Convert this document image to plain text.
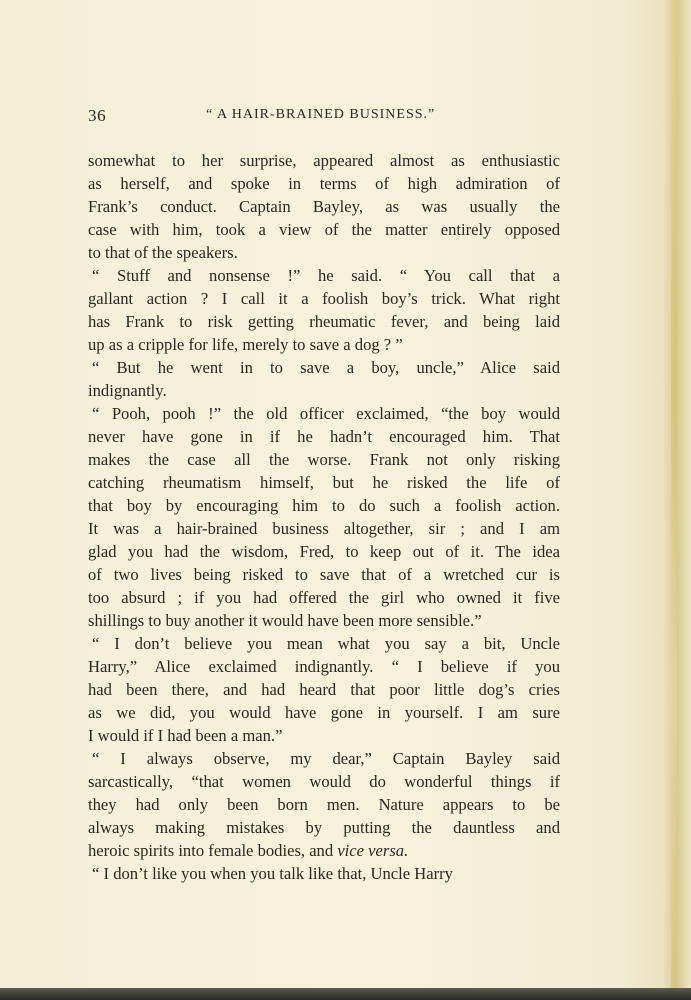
36	“ A HAIR-BRAINED BUSINESS.”
somewhat to her surprise, appeared almost as enthusiastic
as herself, and spoke in terms of high admiration of
Frank’s conduct. Captain Bayley, as was usually the
case with him, took a view of the matter entirely opposed
to that of the speakers.
“ Stuff and nonsense !” he said. “ You call that a
gallant action ? I call it a foolish boy’s trick. What right
has Frank to risk getting rheumatic fever, and being laid
up as a cripple for life, merely to save a dog ? ”
“ But he went in to save a boy, uncle,” Alice said
indignantly.
“ Pooh, pooh !” the old officer exclaimed, “the boy would
never have gone in if he hadn’t encouraged him. That
makes the case all the worse. Frank not only risking
catching rheumatism himself, but he risked the life of
that boy by encouraging him to do such a foolish action.
It was a hair-brained business altogether, sir ; and I am
glad you had the wisdom, Fred, to keep out of it. The idea
of two lives being risked to save that of a wretched cur is
too absurd ; if you had offered the girl who owned it five
shillings to buy another it would have been more sensible.”
“ I don’t believe you mean what you say a bit, Uncle
Harry,” Alice exclaimed indignantly. “ I believe if you
had been there, and had heard that poor little dog’s cries
as we did, you would have gone in yourself. I am sure
I would if I had been a man.”
“ I always observe, my dear,” Captain Bayley said
sarcastically, “that women would do wonderful things if
they had only been born men. Nature appears to be
always making mistakes by putting the dauntless and
heroic spirits into female bodies, and vice versa.
“ I don’t like you when you talk like that, Uncle Harry
